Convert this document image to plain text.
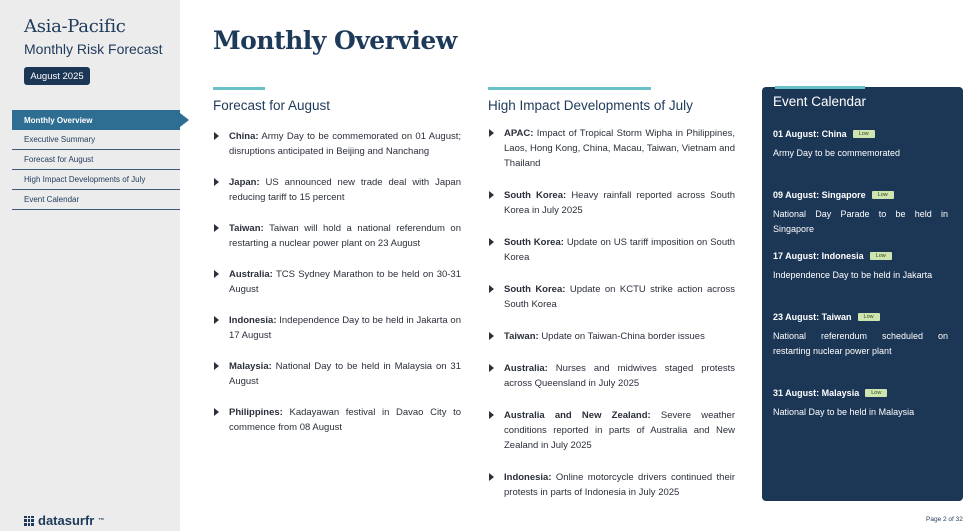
Asia-Pacific
Monthly Risk Forecast
August 2025
Monthly Overview
Executive Summary
Forecast for August
High Impact Developments of July
Event Calendar
datasurfr ™
Monthly Overview
Forecast for August
China: Army Day to be commemorated on 01 August; disruptions anticipated in Beijing and Nanchang
Japan: US announced new trade deal with Japan reducing tariff to 15 percent
Taiwan: Taiwan will hold a national referendum on restarting a nuclear power plant on 23 August
Australia: TCS Sydney Marathon to be held on 30-31 August
Indonesia: Independence Day to be held in Jakarta on 17 August
Malaysia: National Day to be held in Malaysia on 31 August
Philippines: Kadayawan festival in Davao City to commence from 08 August
High Impact Developments of July
APAC: Impact of Tropical Storm Wipha in Philippines, Laos, Hong Kong, China, Macau, Taiwan, Vietnam and Thailand
South Korea: Heavy rainfall reported across South Korea in July 2025
South Korea: Update on US tariff imposition on South Korea
South Korea: Update on KCTU strike action across South Korea
Taiwan: Update on Taiwan-China border issues
Australia: Nurses and midwives staged protests across Queensland in July 2025
Australia and New Zealand: Severe weather conditions reported in parts of Australia and New Zealand in July 2025
Indonesia: Online motorcycle drivers continued their protests in parts of Indonesia in July 2025
Event Calendar
01 August: China	Low
Army Day to be commemorated
09 August: Singapore	Low
National Day Parade to be held in Singapore
17 August: Indonesia	Low
Independence Day to be held in Jakarta
23 August: Taiwan	Low
National referendum scheduled on restarting nuclear power plant
31 August: Malaysia	Low
National Day to be held in Malaysia
Page 2 of 32
